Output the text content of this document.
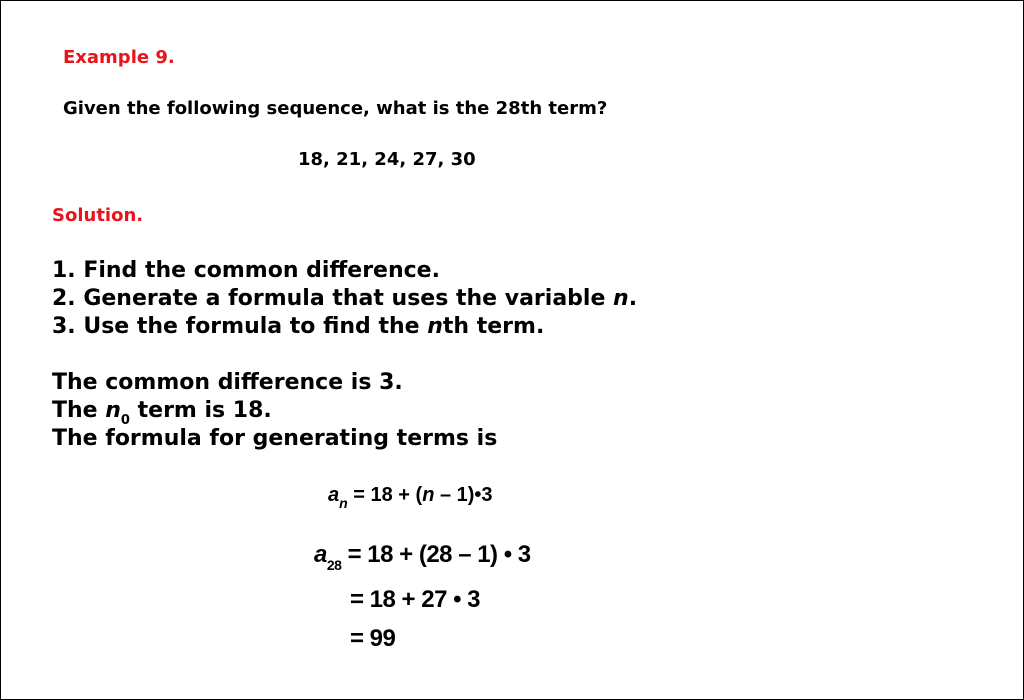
Example 9.
Given the following sequence, what is the 28th term?
18, 21, 24, 27, 30
Solution.
1. Find the common difference.
2. Generate a formula that uses the variable n.
3. Use the formula to find the nth term.
The common difference is 3.
The $n_0$ term is 18.
The formula for generating terms is
$a_n = 18 + (n$ – 1)•3
$a_{28} = 18 + (28 - 1)$ • 3
= 18 + 27 • 3
= 99
